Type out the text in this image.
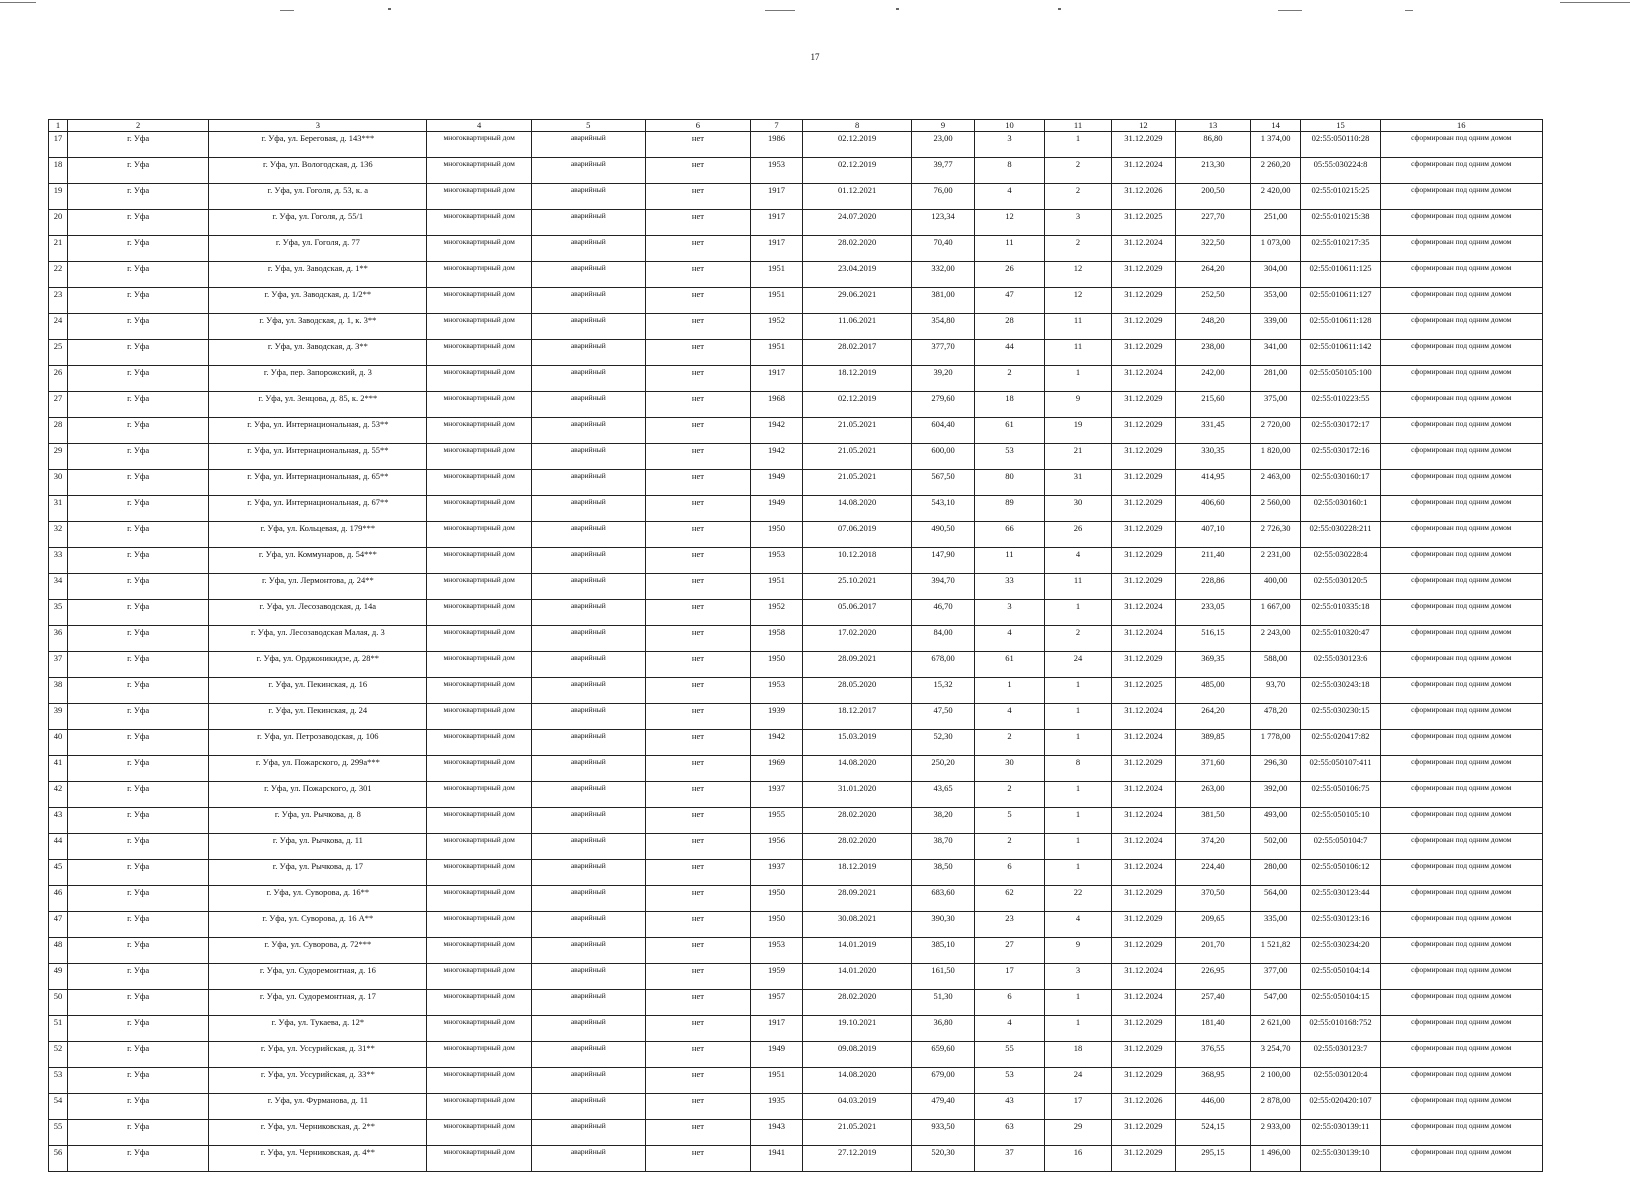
17
1	2	3	4	5	6	7	8	9	10	11	12	13	14	15	16
17	г. Уфа	г. Уфа, ул. Береговая, д. 143***	многоквартирный дом	аварийный	нет	1986	02.12.2019	23,00	3	1	31.12.2029	86,80	1 374,00	02:55:050110:28	сформирован под одним домом
18	г. Уфа	г. Уфа, ул. Вологодская, д. 136	многоквартирный дом	аварийный	нет	1953	02.12.2019	39,77	8	2	31.12.2024	213,30	2 260,20	05:55:030224:8	сформирован под одним домом
19	г. Уфа	г. Уфа, ул. Гоголя, д. 53, к. а	многоквартирный дом	аварийный	нет	1917	01.12.2021	76,00	4	2	31.12.2026	200,50	2 420,00	02:55:010215:25	сформирован под одним домом
20	г. Уфа	г. Уфа, ул. Гоголя, д. 55/1	многоквартирный дом	аварийный	нет	1917	24.07.2020	123,34	12	3	31.12.2025	227,70	251,00	02:55:010215:38	сформирован под одним домом
21	г. Уфа	г. Уфа, ул. Гоголя, д. 77	многоквартирный дом	аварийный	нет	1917	28.02.2020	70,40	11	2	31.12.2024	322,50	1 073,00	02:55:010217:35	сформирован под одним домом
22	г. Уфа	г. Уфа, ул. Заводская, д. 1**	многоквартирный дом	аварийный	нет	1951	23.04.2019	332,00	26	12	31.12.2029	264,20	304,00	02:55:010611:125	сформирован под одним домом
23	г. Уфа	г. Уфа, ул. Заводская, д. 1/2**	многоквартирный дом	аварийный	нет	1951	29.06.2021	381,00	47	12	31.12.2029	252,50	353,00	02:55:010611:127	сформирован под одним домом
24	г. Уфа	г. Уфа, ул. Заводская, д. 1, к. 3**	многоквартирный дом	аварийный	нет	1952	11.06.2021	354,80	28	11	31.12.2029	248,20	339,00	02:55:010611:128	сформирован под одним домом
25	г. Уфа	г. Уфа, ул. Заводская, д. 3**	многоквартирный дом	аварийный	нет	1951	28.02.2017	377,70	44	11	31.12.2029	238,00	341,00	02:55:010611:142	сформирован под одним домом
26	г. Уфа	г. Уфа, пер. Запорожский, д. 3	многоквартирный дом	аварийный	нет	1917	18.12.2019	39,20	2	1	31.12.2024	242,00	281,00	02:55:050105:100	сформирован под одним домом
27	г. Уфа	г. Уфа, ул. Зенцова, д. 85, к. 2***	многоквартирный дом	аварийный	нет	1968	02.12.2019	279,60	18	9	31.12.2029	215,60	375,00	02:55:010223:55	сформирован под одним домом
28	г. Уфа	г. Уфа, ул. Интернациональная, д. 53**	многоквартирный дом	аварийный	нет	1942	21.05.2021	604,40	61	19	31.12.2029	331,45	2 720,00	02:55:030172:17	сформирован под одним домом
29	г. Уфа	г. Уфа, ул. Интернациональная, д. 55**	многоквартирный дом	аварийный	нет	1942	21.05.2021	600,00	53	21	31.12.2029	330,35	1 820,00	02:55:030172:16	сформирован под одним домом
30	г. Уфа	г. Уфа, ул. Интернациональная, д. 65**	многоквартирный дом	аварийный	нет	1949	21.05.2021	567,50	80	31	31.12.2029	414,95	2 463,00	02:55:030160:17	сформирован под одним домом
31	г. Уфа	г. Уфа, ул. Интернациональная, д. 67**	многоквартирный дом	аварийный	нет	1949	14.08.2020	543,10	89	30	31.12.2029	406,60	2 560,00	02:55:030160:1	сформирован под одним домом
32	г. Уфа	г. Уфа, ул. Кольцевая, д. 179***	многоквартирный дом	аварийный	нет	1950	07.06.2019	490,50	66	26	31.12.2029	407,10	2 726,30	02:55:030228:211	сформирован под одним домом
33	г. Уфа	г. Уфа, ул. Коммунаров, д. 54***	многоквартирный дом	аварийный	нет	1953	10.12.2018	147,90	11	4	31.12.2029	211,40	2 231,00	02:55:030228:4	сформирован под одним домом
34	г. Уфа	г. Уфа, ул. Лермонтова, д. 24**	многоквартирный дом	аварийный	нет	1951	25.10.2021	394,70	33	11	31.12.2029	228,86	400,00	02:55:030120:5	сформирован под одним домом
35	г. Уфа	г. Уфа, ул. Лесозаводская, д. 14а	многоквартирный дом	аварийный	нет	1952	05.06.2017	46,70	3	1	31.12.2024	233,05	1 667,00	02:55:010335:18	сформирован под одним домом
36	г. Уфа	г. Уфа, ул. Лесозаводская Малая, д. 3	многоквартирный дом	аварийный	нет	1958	17.02.2020	84,00	4	2	31.12.2024	516,15	2 243,00	02:55:010320:47	сформирован под одним домом
37	г. Уфа	г. Уфа, ул. Орджоникидзе, д. 28**	многоквартирный дом	аварийный	нет	1950	28.09.2021	678,00	61	24	31.12.2029	369,35	588,00	02:55:030123:6	сформирован под одним домом
38	г. Уфа	г. Уфа, ул. Пекинская, д. 16	многоквартирный дом	аварийный	нет	1953	28.05.2020	15,32	1	1	31.12.2025	485,00	93,70	02:55:030243:18	сформирован под одним домом
39	г. Уфа	г. Уфа, ул. Пекинская, д. 24	многоквартирный дом	аварийный	нет	1939	18.12.2017	47,50	4	1	31.12.2024	264,20	478,20	02:55:030230:15	сформирован под одним домом
40	г. Уфа	г. Уфа, ул. Петрозаводская, д. 106	многоквартирный дом	аварийный	нет	1942	15.03.2019	52,30	2	1	31.12.2024	389,85	1 778,00	02:55:020417:82	сформирован под одним домом
41	г. Уфа	г. Уфа, ул. Пожарского, д. 299а***	многоквартирный дом	аварийный	нет	1969	14.08.2020	250,20	30	8	31.12.2029	371,60	296,30	02:55:050107:411	сформирован под одним домом
42	г. Уфа	г. Уфа, ул. Пожарского, д. 301	многоквартирный дом	аварийный	нет	1937	31.01.2020	43,65	2	1	31.12.2024	263,00	392,00	02:55:050106:75	сформирован под одним домом
43	г. Уфа	г. Уфа, ул. Рычкова, д. 8	многоквартирный дом	аварийный	нет	1955	28.02.2020	38,20	5	1	31.12.2024	381,50	493,00	02:55:050105:10	сформирован под одним домом
44	г. Уфа	г. Уфа, ул. Рычкова, д. 11	многоквартирный дом	аварийный	нет	1956	28.02.2020	38,70	2	1	31.12.2024	374,20	502,00	02:55:050104:7	сформирован под одним домом
45	г. Уфа	г. Уфа, ул. Рычкова, д. 17	многоквартирный дом	аварийный	нет	1937	18.12.2019	38,50	6	1	31.12.2024	224,40	280,00	02:55:050106:12	сформирован под одним домом
46	г. Уфа	г. Уфа, ул. Суворова, д. 16**	многоквартирный дом	аварийный	нет	1950	28.09.2021	683,60	62	22	31.12.2029	370,50	564,00	02:55:030123:44	сформирован под одним домом
47	г. Уфа	г. Уфа, ул. Суворова, д. 16 А**	многоквартирный дом	аварийный	нет	1950	30.08.2021	390,30	23	4	31.12.2029	209,65	335,00	02:55:030123:16	сформирован под одним домом
48	г. Уфа	г. Уфа, ул. Суворова, д. 72***	многоквартирный дом	аварийный	нет	1953	14.01.2019	385,10	27	9	31.12.2029	201,70	1 521,82	02:55:030234:20	сформирован под одним домом
49	г. Уфа	г. Уфа, ул. Судоремонтная, д. 16	многоквартирный дом	аварийный	нет	1959	14.01.2020	161,50	17	3	31.12.2024	226,95	377,00	02:55:050104:14	сформирован под одним домом
50	г. Уфа	г. Уфа, ул. Судоремонтная, д. 17	многоквартирный дом	аварийный	нет	1957	28.02.2020	51,30	6	1	31.12.2024	257,40	547,00	02:55:050104:15	сформирован под одним домом
51	г. Уфа	г. Уфа, ул. Тукаева, д. 12*	многоквартирный дом	аварийный	нет	1917	19.10.2021	36,80	4	1	31.12.2029	181,40	2 621,00	02:55:010168:752	сформирован под одним домом
52	г. Уфа	г. Уфа, ул. Уссурийская, д. 31**	многоквартирный дом	аварийный	нет	1949	09.08.2019	659,60	55	18	31.12.2029	376,55	3 254,70	02:55:030123:7	сформирован под одним домом
53	г. Уфа	г. Уфа, ул. Уссурийская, д. 33**	многоквартирный дом	аварийный	нет	1951	14.08.2020	679,00	53	24	31.12.2029	368,95	2 100,00	02:55:030120:4	сформирован под одним домом
54	г. Уфа	г. Уфа, ул. Фурманова, д. 11	многоквартирный дом	аварийный	нет	1935	04.03.2019	479,40	43	17	31.12.2026	446,00	2 878,00	02:55:020420:107	сформирован под одним домом
55	г. Уфа	г. Уфа, ул. Черниковская, д. 2**	многоквартирный дом	аварийный	нет	1943	21.05.2021	933,50	63	29	31.12.2029	524,15	2 933,00	02:55:030139:11	сформирован под одним домом
56	г. Уфа	г. Уфа, ул. Черниковская, д. 4**	многоквартирный дом	аварийный	нет	1941	27.12.2019	520,30	37	16	31.12.2029	295,15	1 496,00	02:55:030139:10	сформирован под одним домом
